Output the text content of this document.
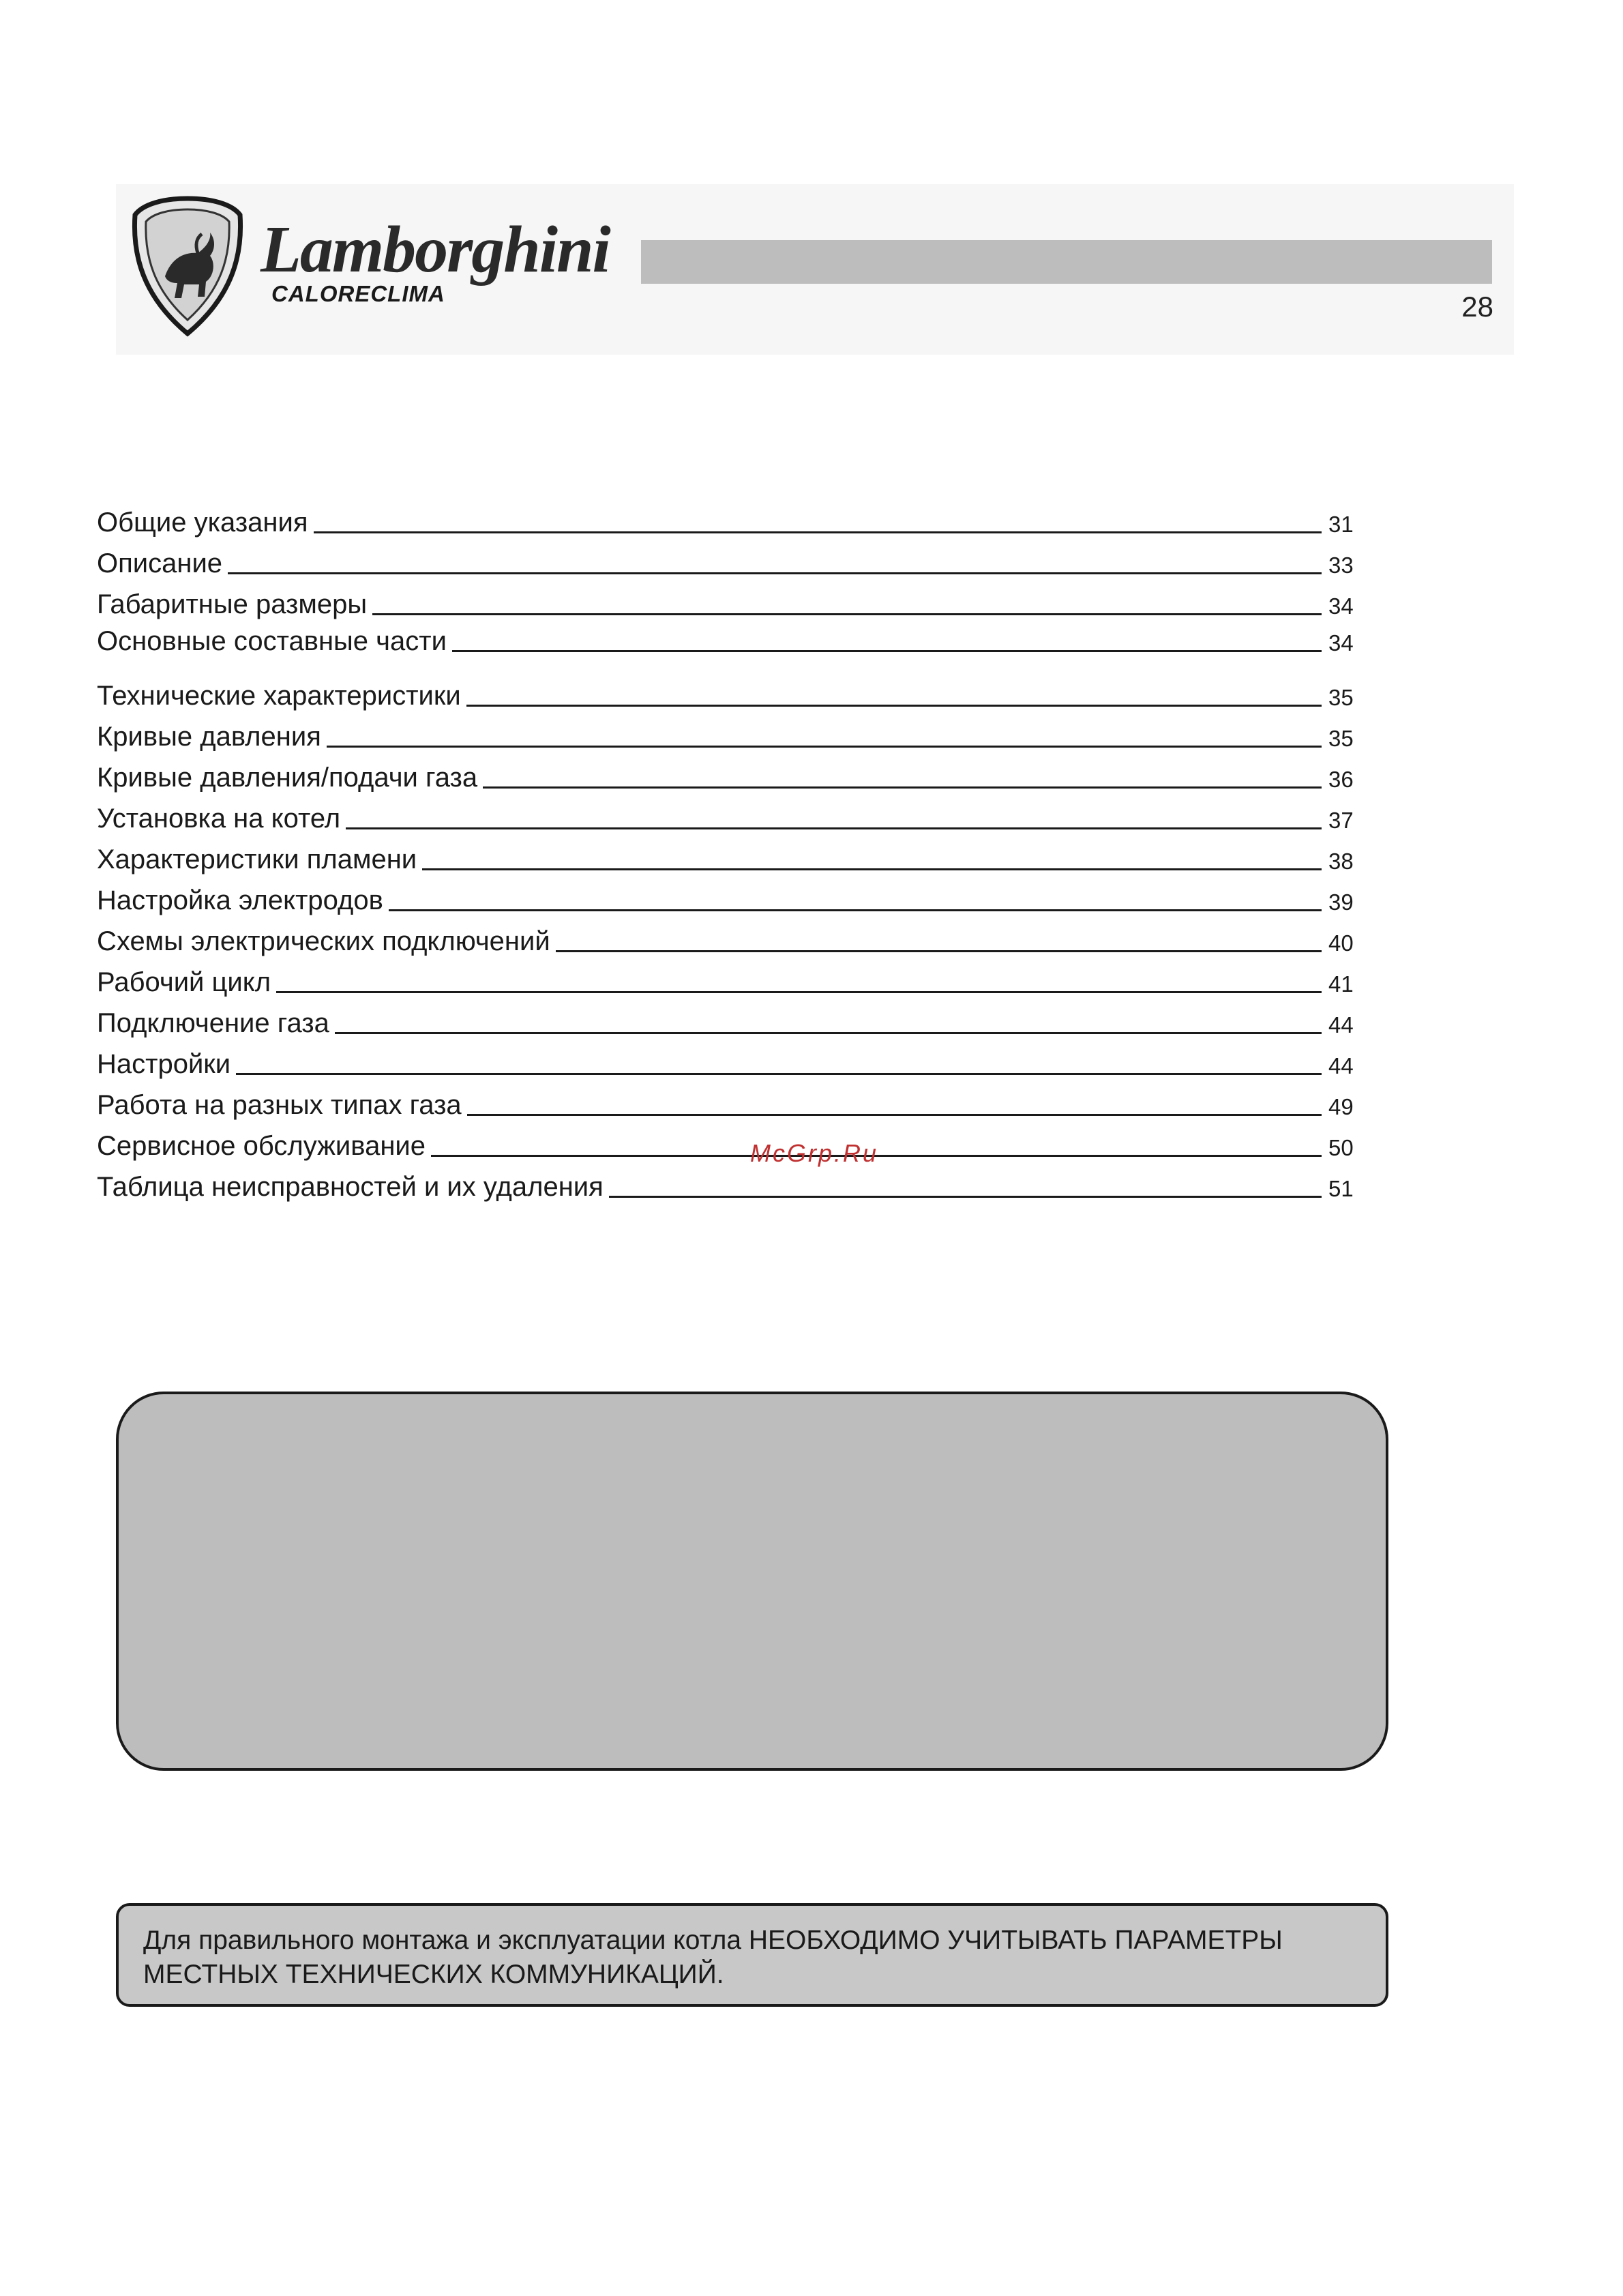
Lamborghini
CALORECLIMA	28
Общие указания	31
Описание	33
Габаритные размеры	34
Основные составные части	34
Технические характеристики	35
Кривые давления	35
Кривые давления/подачи газа	36
Установка на котел	37
Характеристики пламени	38
Настройка электродов	39
Схемы электрических подключений	40
Рабочий цикл	41
Подключение газа	44
Настройки	44
Работа на разных типах газа	49
Сервисное обслуживание	50
Таблица неисправностей и их удаления	51
McGrp.Ru
Для правильного монтажа и эксплуатации котла НЕОБХОДИМО УЧИТЫВАТЬ ПАРАМЕТРЫ
МЕСТНЫХ ТЕХНИЧЕСКИХ КОММУНИКАЦИЙ.
